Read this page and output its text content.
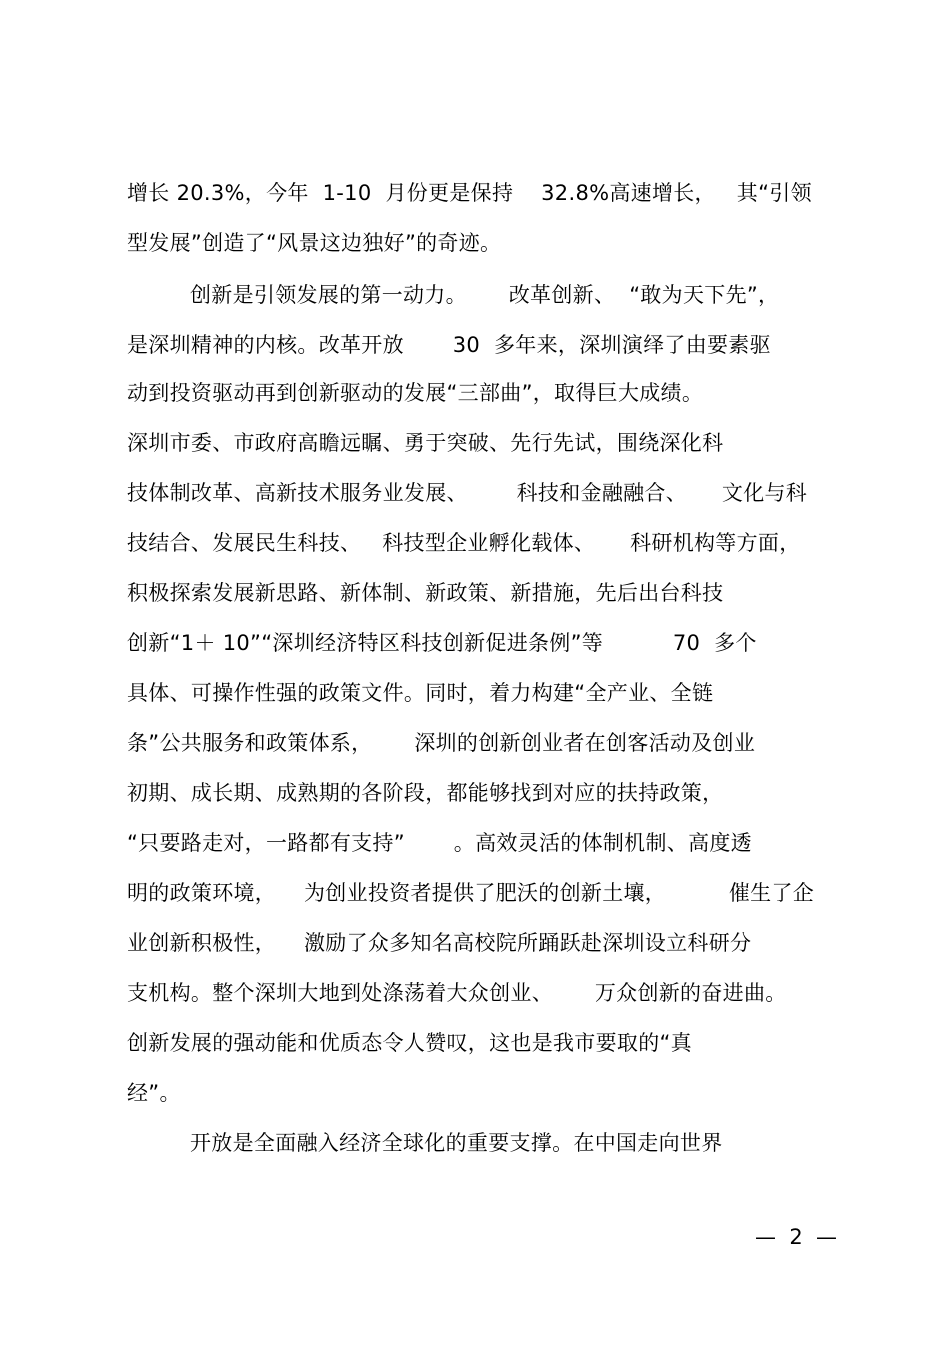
增长 20.3%，今年  1-10  月份更是保持    32.8%高速增长，   其“引领
型发展”创造了“风景这边独好”的奇迹。
创新是引领发展的第一动力。      改革创新、  “敢为天下先”，
是深圳精神的内核。改革开放       30  多年来，深圳演绎了由要素驱
动到投资驱动再到创新驱动的发展“三部曲”，取得巨大成绩。
深圳市委、市政府高瞻远瞩、勇于突破、先行先试，围绕深化科
技体制改革、高新技术服务业发展、       科技和金融融合、     文化与科
技结合、发展民生科技、   科技型企业孵化载体、     科研机构等方面，
积极探索发展新思路、新体制、新政策、新措施，先后出台科技
创新“1＋ 10”“深圳经济特区科技创新促进条例”等          70  多个
具体、可操作性强的政策文件。同时，着力构建“全产业、全链
条”公共服务和政策体系，      深圳的创新创业者在创客活动及创业
初期、成长期、成熟期的各阶段，都能够找到对应的扶持政策，
“只要路走对，一路都有支持”       。高效灵活的体制机制、高度透
明的政策环境，    为创业投资者提供了肥沃的创新土壤，         催生了企
业创新积极性，    激励了众多知名高校院所踊跃赴深圳设立科研分
支机构。整个深圳大地到处涤荡着大众创业、      万众创新的奋进曲。
创新发展的强动能和优质态令人赞叹，这也是我市要取的“真
经”。
开放是全面融入经济全球化的重要支撑。在中国走向世界
—  2  —
